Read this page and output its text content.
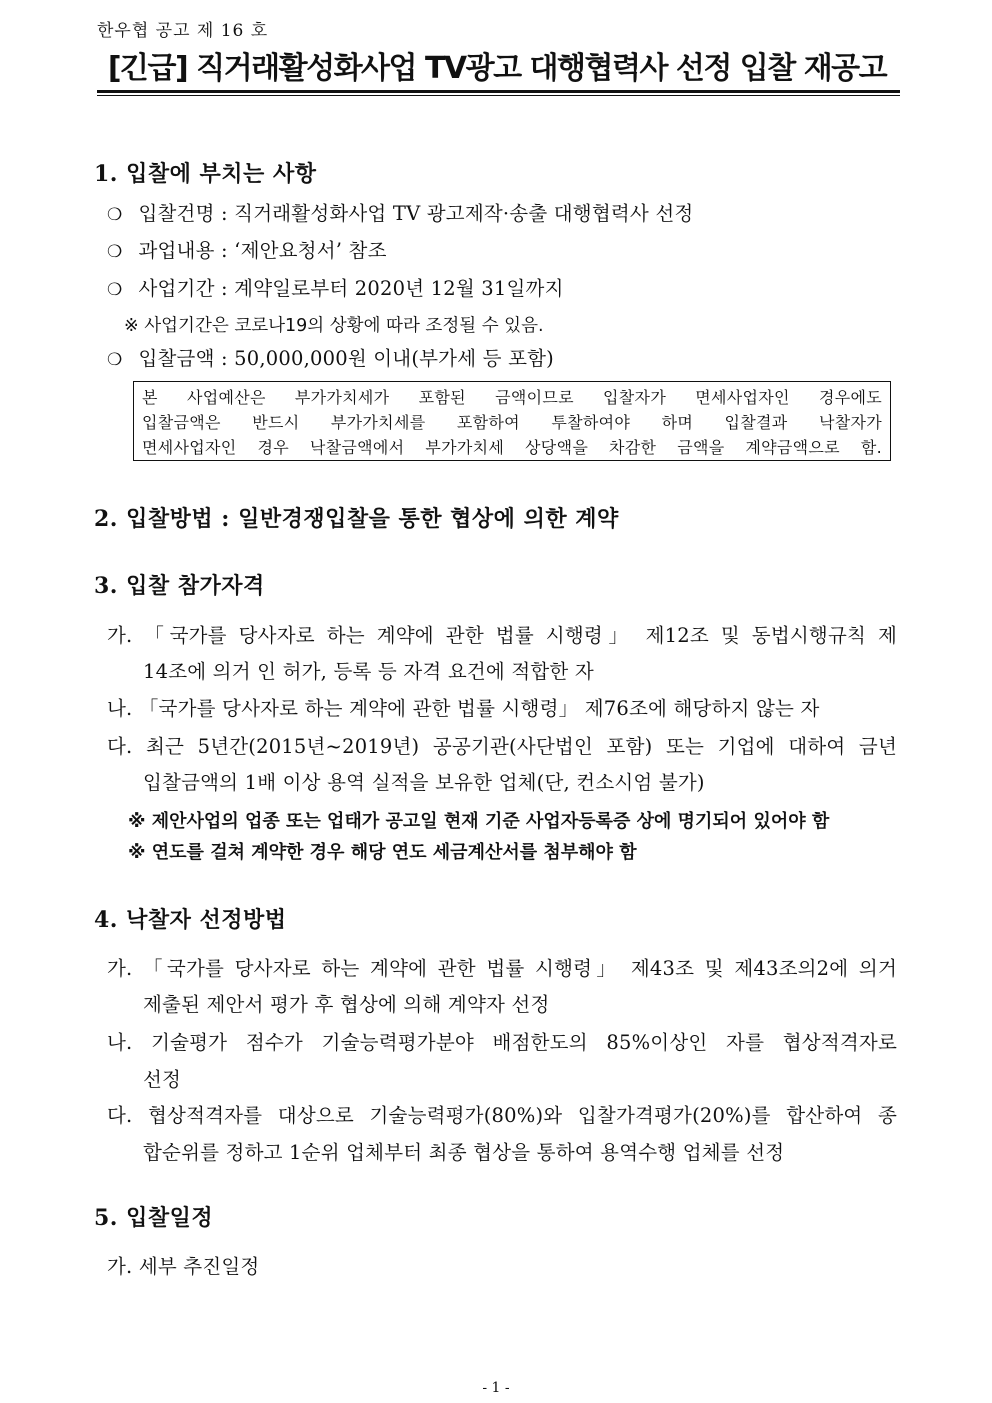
한우협 공고 제 16 호
[긴급] 직거래활성화사업 TV광고 대행협력사 선정 입찰 재공고
1. 입찰에 부치는 사항
❍ 입찰건명 : 직거래활성화사업 TV 광고제작·송출 대행협력사 선정
❍ 과업내용 : ‘제안요청서’ 참조
❍ 사업기간 : 계약일로부터 2020년 12월 31일까지
※ 사업기간은 코로나19의 상황에 따라 조정될 수 있음.
❍ 입찰금액 : 50,000,000원 이내(부가세 등 포함)
본 사업예산은 부가가치세가 포함된 금액이므로 입찰자가 면세사업자인 경우에도
입찰금액은 반드시 부가가치세를 포함하여 투찰하여야 하며 입찰결과 낙찰자가
면세사업자인 경우 낙찰금액에서 부가가치세 상당액을 차감한 금액을 계약금액으로 함.
2. 입찰방법 : 일반경쟁입찰을 통한 협상에 의한 계약
3. 입찰 참가자격
가. 「국가를 당사자로 하는 계약에 관한 법률 시행령」 제12조 및 동법시행규칙 제
14조에 의거 인 허가, 등록 등 자격 요건에 적합한 자
나. 「국가를 당사자로 하는 계약에 관한 법률 시행령」 제76조에 해당하지 않는 자
다. 최근 5년간(2015년~2019년) 공공기관(사단법인 포함) 또는 기업에 대하여 금년
입찰금액의 1배 이상 용역 실적을 보유한 업체(단, 컨소시엄 불가)
※ 제안사업의 업종 또는 업태가 공고일 현재 기준 사업자등록증 상에 명기되어 있어야 함
※ 연도를 걸쳐 계약한 경우 해당 연도 세금계산서를 첨부해야 함
4. 낙찰자 선정방법
가. 「국가를 당사자로 하는 계약에 관한 법률 시행령」 제43조 및 제43조의2에 의거
제출된 제안서 평가 후 협상에 의해 계약자 선정
나. 기술평가 점수가 기술능력평가분야 배점한도의 85%이상인 자를 협상적격자로
선정
다. 협상적격자를 대상으로 기술능력평가(80%)와 입찰가격평가(20%)를 합산하여 종
합순위를 정하고 1순위 업체부터 최종 협상을 통하여 용역수행 업체를 선정
5. 입찰일정
가. 세부 추진일정
- 1 -
